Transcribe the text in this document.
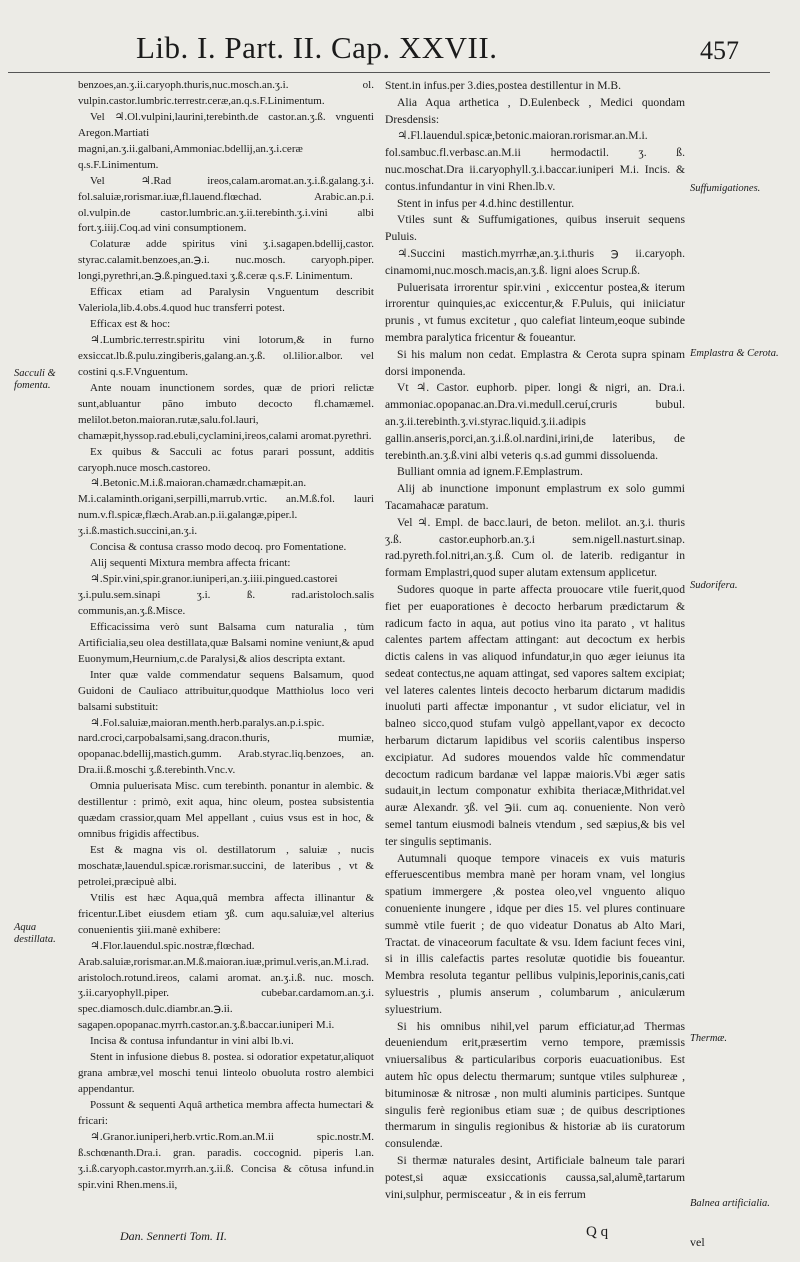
Lib. I. Part. II. Cap. XXVII.	457

benzoes,an.ʒ.ii.caryoph.thuris,nuc.mosch.an.ʒ.i. ol. vulpin.castor.lumbric.terrestr.ceræ,an.q.s.F.Linimentum.

Vel ♃.Ol.vulpini,laurini,terebinth.de castor.an.ʒ.ß. vnguenti Aregon.Martiati magni,an.ʒ.ii.galbani,Ammoniac.bdellij,an.ʒ.i.ceræ q.s.F.Linimentum.

Vel ♃.Rad ireos,calam.aromat.an.ʒ.i.ß.galang.ʒ.i. fol.saluiæ,rorismar.iuæ,fl.lauend.flœchad. Arabic.an.p.i. ol.vulpin.de castor.lumbric.an.ʒ.ii.terebinth.ʒ.i.vini albi fort.ʒ.iiij.Coq.ad vini consumptionem.

Colaturæ adde spiritus vini ʒ.i.sagapen.bdellij,castor. styrac.calamit.benzoes,an.℈.i. nuc.mosch. caryoph.piper. longi,pyrethri,an.℈.ß.pingued.taxi ʒ.ß.ceræ q.s.F. Linimentum.

Efficax etiam ad Paralysin Vnguentum describit Valeriola,lib.4.obs.4.quod huc transferri potest.

Efficax est & hoc:

♃.Lumbric.terrestr.spiritu vini lotorum,& in furno exsiccat.lb.ß.pulu.zingiberis,galang.an.ʒ.ß. ol.lilior.albor. vel costini q.s.F.Vnguentum.

Ante nouam inunctionem sordes, quæ de priori relictæ sunt,abluantur pãno imbuto decocto fl.chamæmel. melilot.beton.maioran.rutæ,salu.fol.lauri, chamæpit,hyssop.rad.ebuli,cyclamini,ireos,calami aromat.pyrethri.

Ex quibus & Sacculi ac fotus parari possunt, additis caryoph.nuce mosch.castoreo.

♃.Betonic.M.i.ß.maioran.chamædr.chamæpit.an. M.i.calaminth.origani,serpilli,marrub.vrtic. an.M.ß.fol. lauri num.v.fl.spicæ,flæch.Arab.an.p.ii.galangæ,piper.l. ʒ.i.ß.mastich.succini,an.ʒ.i.

Concisa & contusa crasso modo decoq. pro Fomentatione.

Alij sequenti Mixtura membra affecta fricant:

♃.Spir.vini,spir.granor.iuniperi,an.ʒ.iiii.pingued.castorei ʒ.i.pulu.sem.sinapi ʒ.i. ß. rad.aristoloch.salis communis,an.ʒ.ß.Misce.

Efficacissima verò sunt Balsama cum naturalia , tùm Artificialia,seu olea destillata,quæ Balsami nomine veniunt,& apud Euonymum,Heurnium,c.de Paralysi,& alios descripta extant.

Inter quæ valde commendatur sequens Balsamum, quod Guidoni de Cauliaco attribuitur,quodque Matthiolus loco veri balsami substituit:

♃.Fol.saluiæ,maioran.menth.herb.paralys.an.p.i.spic. nard.croci,carpobalsami,sang.dracon.thuris, mumiæ, opopanac.bdellij,mastich.gumm. Arab.styrac.liq.benzoes, an. Dra.ii.ß.moschi ʒ.ß.terebinth.Vnc.v.

Omnia puluerisata Misc. cum terebinth. ponantur in alembic. & destillentur : primò, exit aqua, hinc oleum, postea subsistentia quædam crassior,quam Mel appellant , cuius vsus est in hoc, & omnibus frigidis affectibus.

Est & magna vis ol. destillatorum , saluiæ , nucis moschatæ,lauendul.spicæ.rorismar.succini, de lateribus , vt & petrolei,præcipuè albi.

Vtilis est hæc Aqua,quâ membra affecta illinantur & fricentur.Libet eiusdem etiam ʒß. cum aqu.saluiæ,vel alterius conuenientis ʒiii.manè exhibere:

♃.Flor.lauendul.spic.nostræ,flœchad. Arab.saluiæ,rorismar.an.M.ß.maioran.iuæ,primul.veris,an.M.i.rad. aristoloch.rotund.ireos, calami aromat. an.ʒ.i.ß. nuc. mosch. ʒ.ii.caryophyll.piper. cubebar.cardamom.an.ʒ.i. spec.diamosch.dulc.diambr.an.℈.ii. sagapen.opopanac.myrrh.castor.an.ʒ.ß.baccar.iuniperi M.i.

Incisa & contusa infundantur in vini albi lb.vi.

Stent in infusione diebus 8. postea. si odoratior expetatur,aliquot grana ambræ,vel moschi tenui linteolo obuoluta rostro alembici appendantur.

Possunt & sequenti Aquâ arthetica membra affecta humectari & fricari:

♃.Granor.iuniperi,herb.vrtic.Rom.an.M.ii spic.nostr.M. ß.schœnanth.Dra.i. gran. paradis. coccognid. piperis l.an. ʒ.i.ß.caryoph.castor.myrrh.an.ʒ.ii.ß. Concisa & cõtusa infund.in spir.vini Rhen.mens.ii,

Stent.in infus.per 3.dies,postea destillentur in M.B.

Alia Aqua arthetica , D.Eulenbeck , Medici quondam Dresdensis:

♃.Fl.lauendul.spicæ,betonic.maioran.rorismar.an.M.i. fol.sambuc.fl.verbasc.an.M.ii hermodactil. ʒ. ß. nuc.moschat.Dra ii.caryophyll.ʒ.i.baccar.iuniperi M.i. Incis. & contus.infundantur in vini Rhen.lb.v.

Stent in infus per 4.d.hinc destillentur.

Vtiles sunt & Suffumigationes, quibus inseruit sequens Puluis.

♃.Succini mastich.myrrhæ,an.ʒ.i.thuris ℈ ii.caryoph. cinamomi,nuc.mosch.macis,an.ʒ.ß. ligni aloes Scrup.ß.

Puluerisata irrorentur spir.vini , exiccentur postea,& iterum irrorentur quinquies,ac exiccentur,& F.Puluis, qui iniiciatur prunis , vt fumus excitetur , quo calefiat linteum,eoque subinde membra paralytica fricentur & foueantur.

Si his malum non cedat. Emplastra & Cerota supra spinam dorsi imponenda.

Vt ♃. Castor. euphorb. piper. longi & nigri, an. Dra.i. ammoniac.opopanac.an.Dra.vi.medull.ceruí,cruris bubul. an.ʒ.ii.terebinth.ʒ.vi.styrac.liquid.ʒ.ii.adipis gallin.anseris,porci,an.ʒ.i.ß.ol.nardini,irini,de lateribus, de terebinth.an.ʒ.ß.vini albi veteris q.s.ad gummi dissoluenda.

Bulliant omnia ad ignem.F.Emplastrum.

Alij ab inunctione imponunt emplastrum ex solo gummi Tacamahacæ paratum.

Vel ♃. Empl. de bacc.lauri, de beton. melilot. an.ʒ.i. thuris ʒ.ß. castor.euphorb.an.ʒ.i sem.nigell.nasturt.sinap. rad.pyreth.fol.nitri,an.ʒ.ß. Cum ol. de laterib. redigantur in formam Emplastri,quod super alutam extensum applicetur.

Sudores quoque in parte affecta prouocare vtile fuerit,quod fiet per euaporationes è decocto herbarum prædictarum & radicum facto in aqua, aut potius vino ita parato , vt halitus calentes partem affectam attingant: aut decoctum ex herbis dictis calens in vas aliquod infundatur,in quo æger ieiunus ita sedeat contectus,ne aquam attingat, sed vapores saltem excipiat; vel lateres calentes linteis decocto herbarum dictarum madidis inuoluti parti affectæ imponantur , vt sudor eliciatur, vel in balneo sicco,quod stufam vulgò appellant,vapor ex decocto herbarum dictarum lapidibus vel scoriis calentibus insperso excipiatur. Ad sudores mouendos valde hîc commendatur decoctum radicum bardanæ vel lappæ maioris.Vbi æger satis sudauit,in lectum componatur exhibita theriacæ,Mithridat.vel auræ Alexandr. ʒß. vel ℈ii. cum aq. conueniente. Non verò semel tantum eiusmodi balneis vtendum , sed sæpius,& bis vel ter singulis septimanis.

Autumnali quoque tempore vinaceis ex vuis maturis efferuescentibus membra manè per horam vnam, vel longius spatium immergere ,& postea oleo,vel vnguento aliquo conueniente inungere , idque per dies 15. vel plures continuare summè vtile fuerit ; de quo videatur Donatus ab Alto Mari, Tractat. de vinaceorum facultate & vsu. Idem faciunt feces vini, si in illis calefactis partes resolutæ quotidie bis foueantur. Membra resoluta tegantur pellibus vulpinis,leporinis,canis,cati syluestris , plumis anserum , columbarum , aniculærum syluestrium.

Si his omnibus nihil,vel parum efficiatur,ad Thermas deueniendum erit,præsertim verno tempore, præmissis vniuersalibus & particularibus corporis euacuationibus. Est autem hîc opus delectu thermarum; suntque vtiles sulphureæ , bituminosæ & nitrosæ , non multi aluminis participes. Suntque singulis ferè regionibus etiam suæ ; de quibus descriptiones thermarum in singulis regionibus & historiæ ab iis curatorum consulendæ.

Si thermæ naturales desint, Artificiale balneum tale parari potest,si aquæ exsiccationis caussa,sal,alumẽ,tartarum vini,sulphur, permisceatur , & in eis ferrum

Sacculi & fomenta.
Aqua destillata.
Suffumigationes.
Emplastra & Cerota.
Sudorifera.
Thermæ.
Balnea artificialia.
Dan. Sennerti Tom. II.	Q q
vel
